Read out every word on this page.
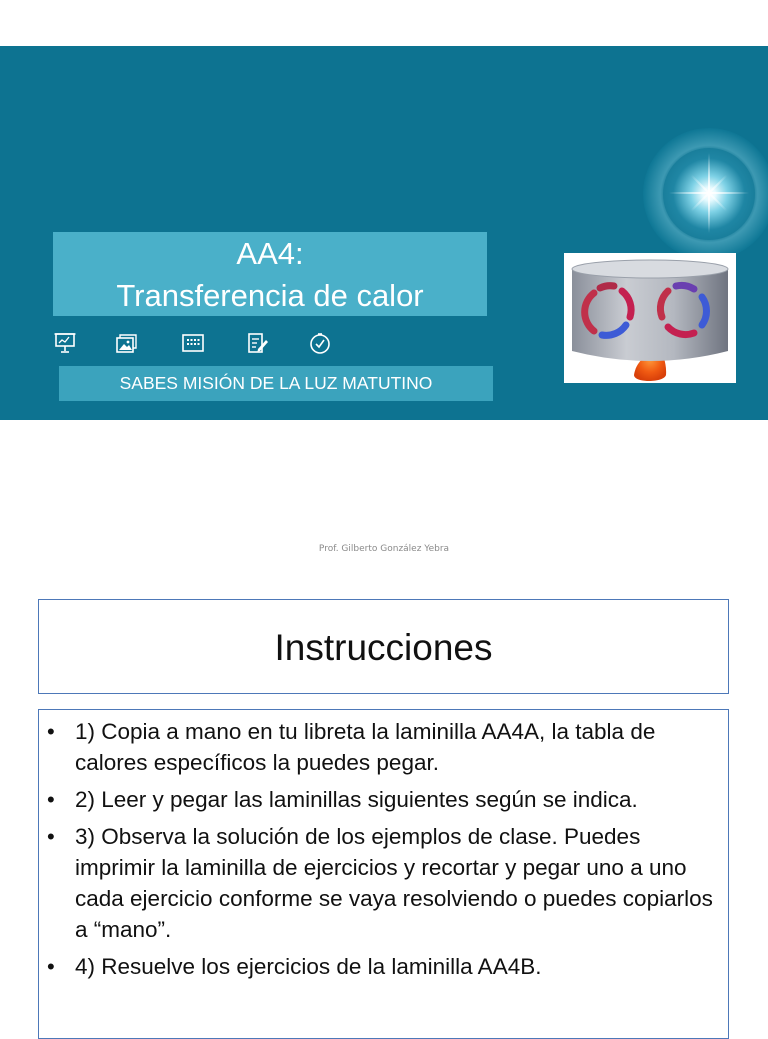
AA4:
Transferencia de calor
SABES MISIÓN DE LA LUZ MATUTINO
Prof. Gilberto González Yebra
Instrucciones
• 1) Copia a mano en tu libreta la laminilla AA4A, la tabla de calores específicos la puedes pegar.
• 2) Leer y pegar las laminillas siguientes según se indica.
• 3) Observa la solución de los ejemplos de clase. Puedes imprimir la laminilla de ejercicios y recortar y pegar uno a uno cada ejercicio conforme se vaya resolviendo o puedes copiarlos a “mano”.
• 4) Resuelve los ejercicios de la laminilla AA4B.
